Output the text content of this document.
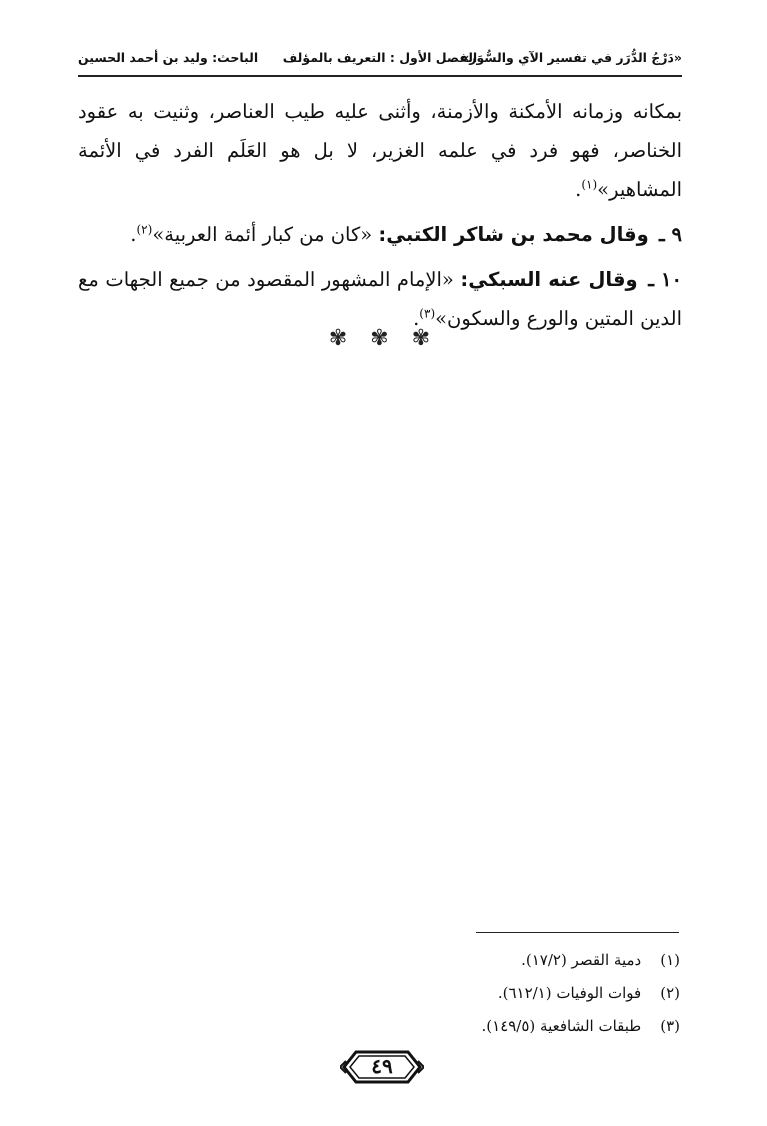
«دَرْجُ الدُّرَر في تفسير الآي والسُّوَر»
الفصل الأول : التعريف بالمؤلف
الباحث: وليد بن أحمد الحسين

بمكانه وزمانه الأمكنة والأزمنة، وأثنى عليه طيب العناصر، وثنيت به عقود الخناصر، فهو فرد في علمه الغزير، لا بل هو العَلَم الفرد في الأئمة المشاهير»$^{(١)}$.

٩ ـ وقال محمد بن شاكر الكتبي: «كان من كبار أئمة العربية»$^{(٢)}$.

١٠ ـ وقال عنه السبكي: «الإمام المشهور المقصود من جميع الجهات مع الدين المتين والورع والسكون»$^{(٣)}$.

✾ ✾ ✾
(١) دمية القصر (١٧/٢).
(٢) فوات الوفيات (٦١٢/١).
(٣) طبقات الشافعية (١٤٩/٥).
٤٩
